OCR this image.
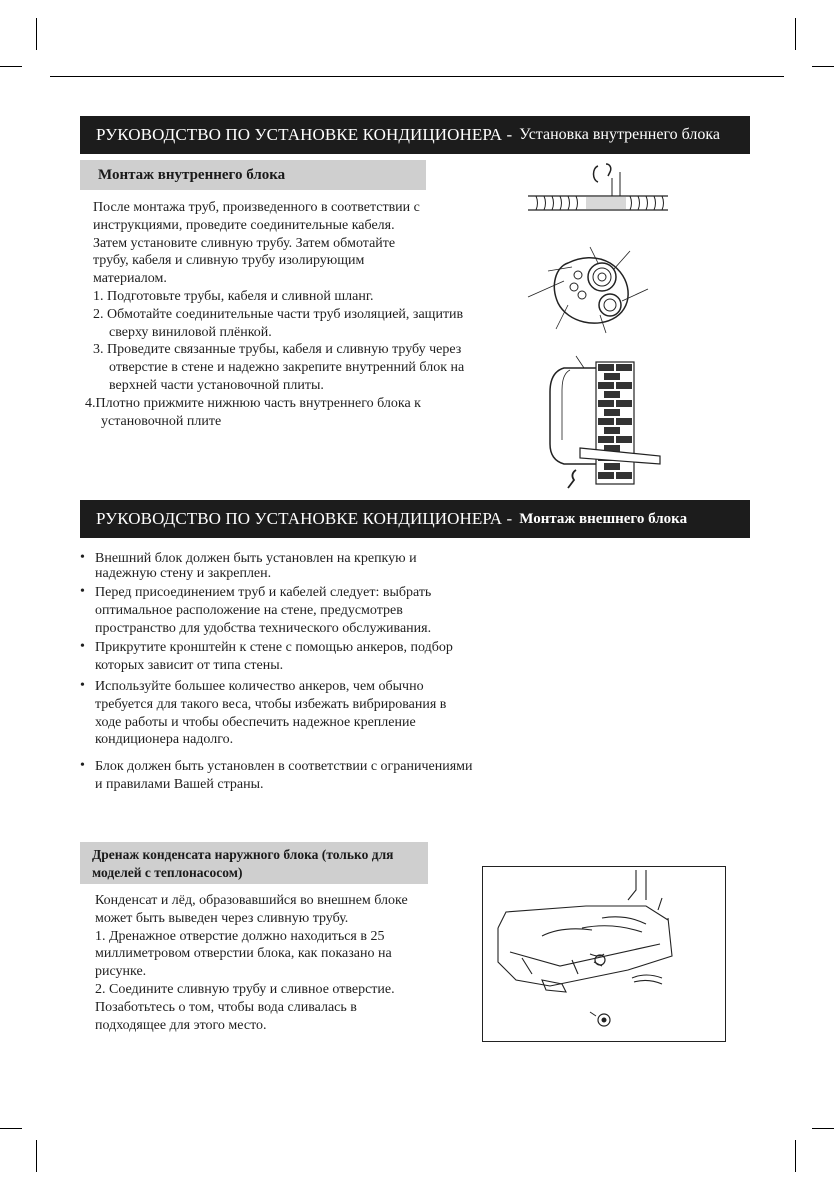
РУКОВОДСТВО ПО УСТАНОВКЕ КОНДИЦИОНЕРА - Установка внутреннего блока
Монтаж внутреннего блока

После монтажа труб, произведенного в соответствии с

инструкциями, проведите соединительные кабеля.

Затем установите сливную трубу. Затем обмотайте

трубу, кабеля и сливную трубу изолирующим

материалом.

1. Подготовьте трубы, кабеля и сливной шланг.

2. Обмотайте соединительные части труб изоляцией, защитив сверху виниловой плёнкой.

3. Проведите связанные трубы, кабеля и сливную трубу через отверстие в стене и надежно закрепите внутренний блок на верхней части установочной плиты.

4.Плотно прижмите нижнюю часть внутреннего блока к установочной плите

РУКОВОДСТВО ПО УСТАНОВКЕ КОНДИЦИОНЕРА - Монтаж внешнего блока

• Внешний блок должен быть установлен на крепкую и надежную стену и закреплен.

• Перед присоединением труб и кабелей следует: выбрать оптимальное расположение на стене, предусмотрев пространство для удобства технического обслуживания.

• Прикрутите кронштейн к стене с помощью анкеров, подбор которых зависит от типа стены.

• Используйте большее количество анкеров, чем обычно требуется для такого веса, чтобы избежать вибрирования в ходе работы и чтобы обеспечить надежное крепление кондиционера надолго.

• Блок должен быть установлен в соответствии с ограничениями и правилами Вашей страны.

Дренаж конденсата наружного блока (только для
моделей с теплонасосом)

Конденсат и лёд, образовавшийся во внешнем блоке

может быть выведен через сливную трубу.

1. Дренажное отверстие должно находиться в 25

миллиметровом отверстии блока, как показано на

рисунке.

2. Соедините сливную трубу и сливное отверстие.

Позаботьтесь о том, чтобы вода сливалась в

подходящее для этого место.
